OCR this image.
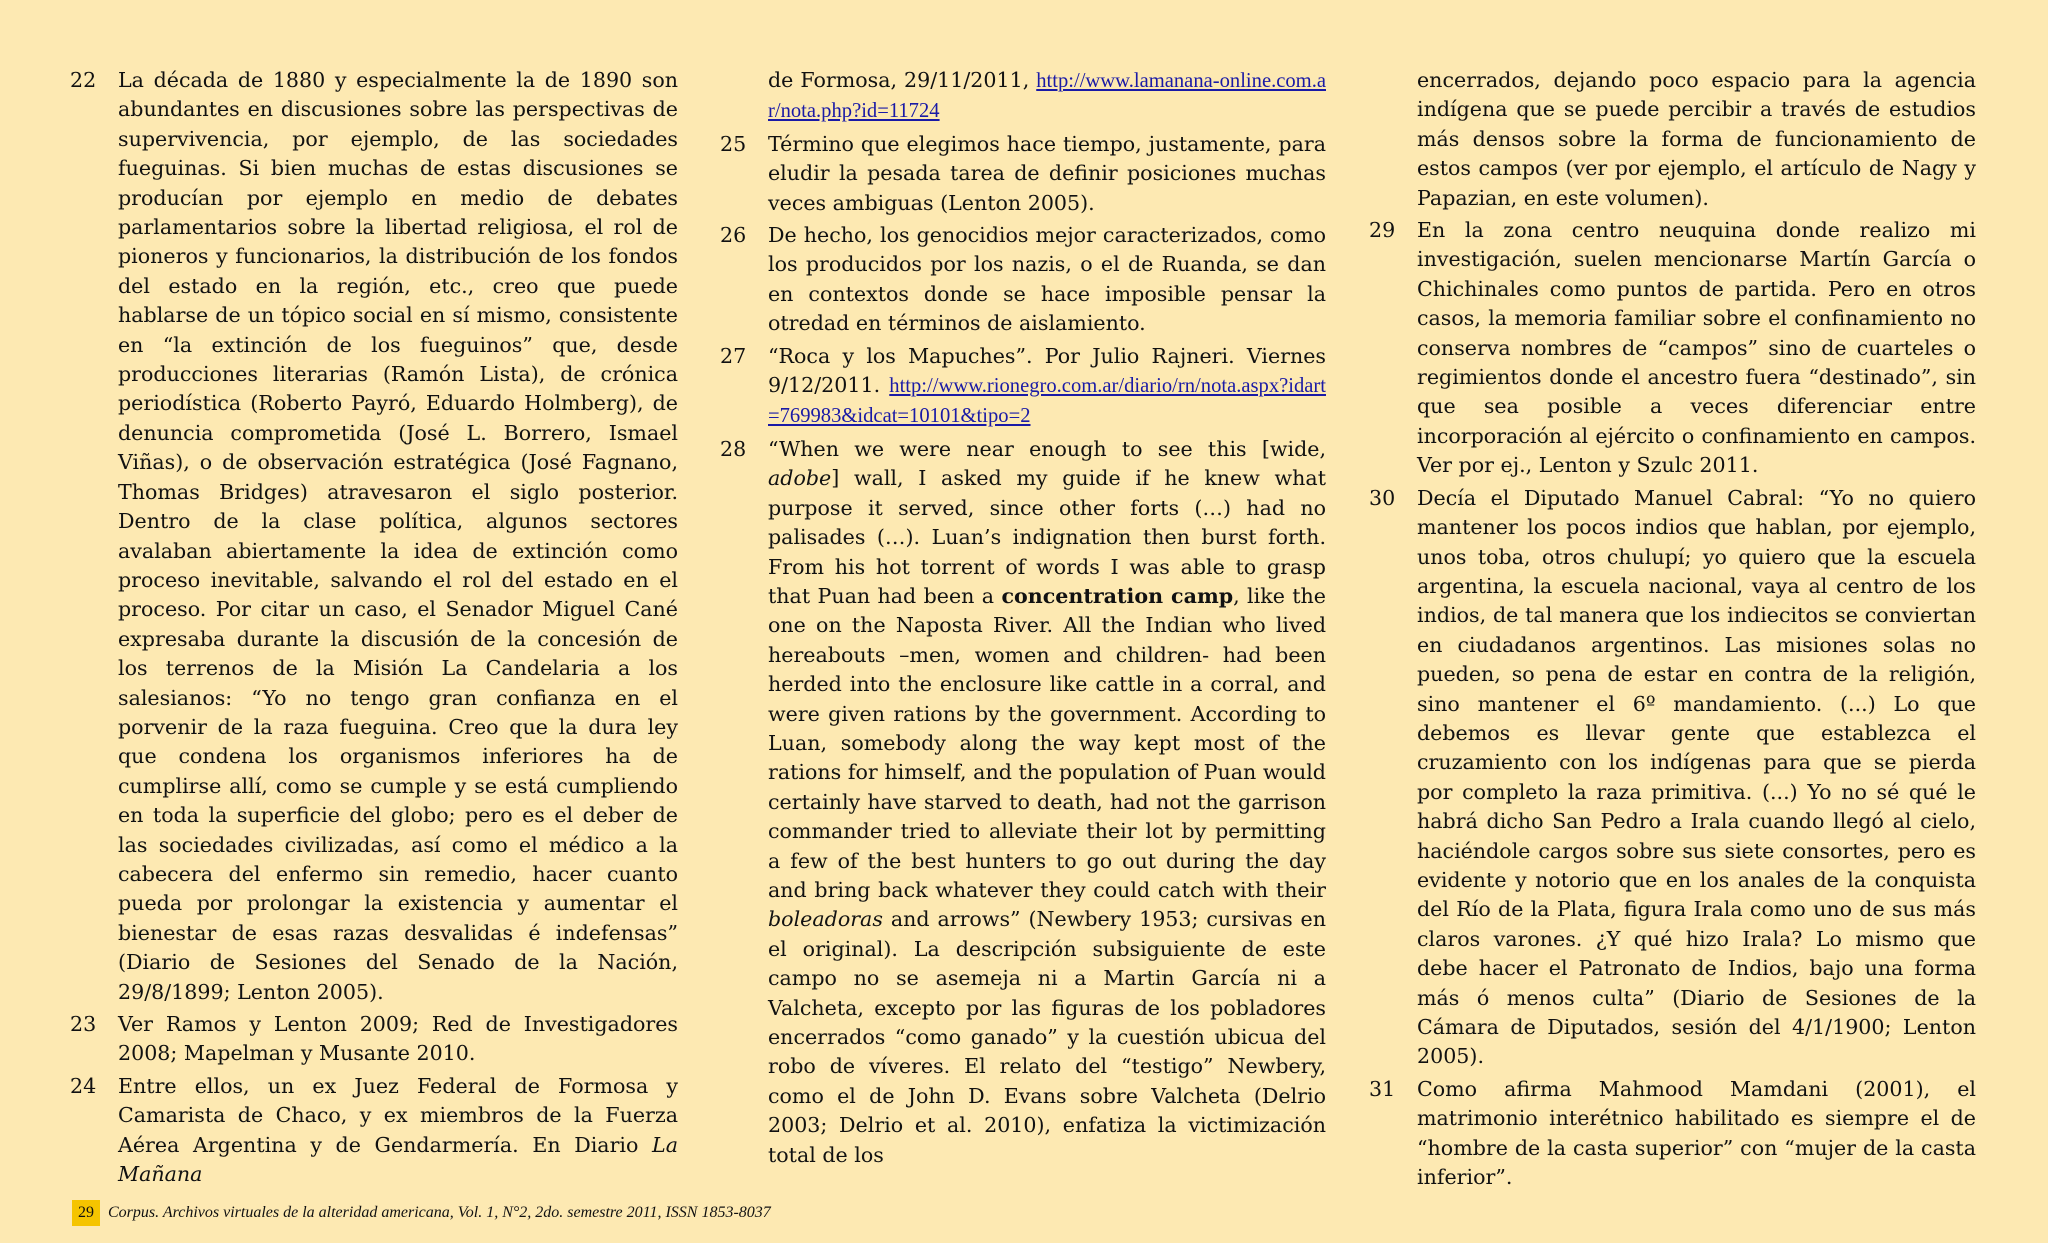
22	La década de 1880 y especialmente la de 1890 son abundantes en discusiones sobre las perspectivas de supervivencia, por ejemplo, de las sociedades fueguinas. Si bien muchas de estas discusiones se producían por ejemplo en medio de debates parlamentarios sobre la libertad religiosa, el rol de pioneros y funcionarios, la distribución de los fondos del estado en la región, etc., creo que puede hablarse de un tópico social en sí mismo, consistente en “la extinción de los fueguinos” que, desde producciones literarias (Ramón Lista), de crónica periodística (Roberto Payró, Eduardo Holmberg), de denuncia comprometida (José L. Borrero, Ismael Viñas), o de observación estratégica (José Fagnano, Thomas Bridges) atravesaron el siglo posterior. Dentro de la clase política, algunos sectores avalaban abiertamente la idea de extinción como proceso inevitable, salvando el rol del estado en el proceso. Por citar un caso, el Senador Miguel Cané expresaba durante la discusión de la concesión de los terrenos de la Misión La Candelaria a los salesianos: “Yo no tengo gran confianza en el porvenir de la raza fueguina. Creo que la dura ley que condena los organismos inferiores ha de cumplirse allí, como se cumple y se está cumpliendo en toda la superficie del globo; pero es el deber de las sociedades civilizadas, así como el médico a la cabecera del enfermo sin remedio, hacer cuanto pueda por prolongar la existencia y aumentar el bienestar de esas razas desvalidas é indefensas” (Diario de Sesiones del Senado de la Nación, 29/8/1899; Lenton 2005).
23	Ver Ramos y Lenton 2009; Red de Investigadores 2008; Mapelman y Musante 2010.
24	Entre ellos, un ex Juez Federal de Formosa y Camarista de Chaco, y ex miembros de la Fuerza Aérea Argentina y de Gendarmería. En Diario La Mañana
de Formosa, 29/11/2011, http://www.lamanana-online.com.ar/nota.php?id=11724
25	Término que elegimos hace tiempo, justamente, para eludir la pesada tarea de definir posiciones muchas veces ambiguas (Lenton 2005).
26	De hecho, los genocidios mejor caracterizados, como los producidos por los nazis, o el de Ruanda, se dan en contextos donde se hace imposible pensar la otredad en términos de aislamiento.
27	“Roca y los Mapuches”. Por Julio Rajneri. Viernes 9/12/2011. http://www.rionegro.com.ar/diario/rn/nota.aspx?idart=769983&idcat=10101&tipo=2
28	“When we were near enough to see this [wide, adobe] wall, I asked my guide if he knew what purpose it served, since other forts (…) had no palisades (…). Luan’s indignation then burst forth. From his hot torrent of words I was able to grasp that Puan had been a concentration camp, like the one on the Naposta River. All the Indian who lived hereabouts –men, women and children- had been herded into the enclosure like cattle in a corral, and were given rations by the government. According to Luan, somebody along the way kept most of the rations for himself, and the population of Puan would certainly have starved to death, had not the garrison commander tried to alleviate their lot by permitting a few of the best hunters to go out during the day and bring back whatever they could catch with their boleadoras and arrows” (Newbery 1953; cursivas en el original). La descripción subsiguiente de este campo no se asemeja ni a Martin García ni a Valcheta, excepto por las figuras de los pobladores encerrados “como ganado” y la cuestión ubicua del robo de víveres. El relato del “testigo” Newbery, como el de John D. Evans sobre Valcheta (Delrio 2003; Delrio et al. 2010), enfatiza la victimización total de los
encerrados, dejando poco espacio para la agencia indígena que se puede percibir a través de estudios más densos sobre la forma de funcionamiento de estos campos (ver por ejemplo, el artículo de Nagy y Papazian, en este volumen).
29	En la zona centro neuquina donde realizo mi investigación, suelen mencionarse Martín García o Chichinales como puntos de partida. Pero en otros casos, la memoria familiar sobre el confinamiento no conserva nombres de “campos” sino de cuarteles o regimientos donde el ancestro fuera “destinado”, sin que sea posible a veces diferenciar entre incorporación al ejército o confinamiento en campos. Ver por ej., Lenton y Szulc 2011.
30	Decía el Diputado Manuel Cabral: “Yo no quiero mantener los pocos indios que hablan, por ejemplo, unos toba, otros chulupí; yo quiero que la escuela argentina, la escuela nacional, vaya al centro de los indios, de tal manera que los indiecitos se conviertan en ciudadanos argentinos. Las misiones solas no pueden, so pena de estar en contra de la religión, sino mantener el 6º mandamiento. (...) Lo que debemos es llevar gente que establezca el cruzamiento con los indígenas para que se pierda por completo la raza primitiva. (...) Yo no sé qué le habrá dicho San Pedro a Irala cuando llegó al cielo, haciéndole cargos sobre sus siete consortes, pero es evidente y notorio que en los anales de la conquista del Río de la Plata, figura Irala como uno de sus más claros varones. ¿Y qué hizo Irala? Lo mismo que debe hacer el Patronato de Indios, bajo una forma más ó menos culta” (Diario de Sesiones de la Cámara de Diputados, sesión del 4/1/1900; Lenton 2005).
31	Como afirma Mahmood Mamdani (2001), el matrimonio interétnico habilitado es siempre el de “hombre de la casta superior” con “mujer de la casta inferior”.
29 Corpus. Archivos virtuales de la alteridad americana, Vol. 1, N°2, 2do. semestre 2011, ISSN 1853-8037
